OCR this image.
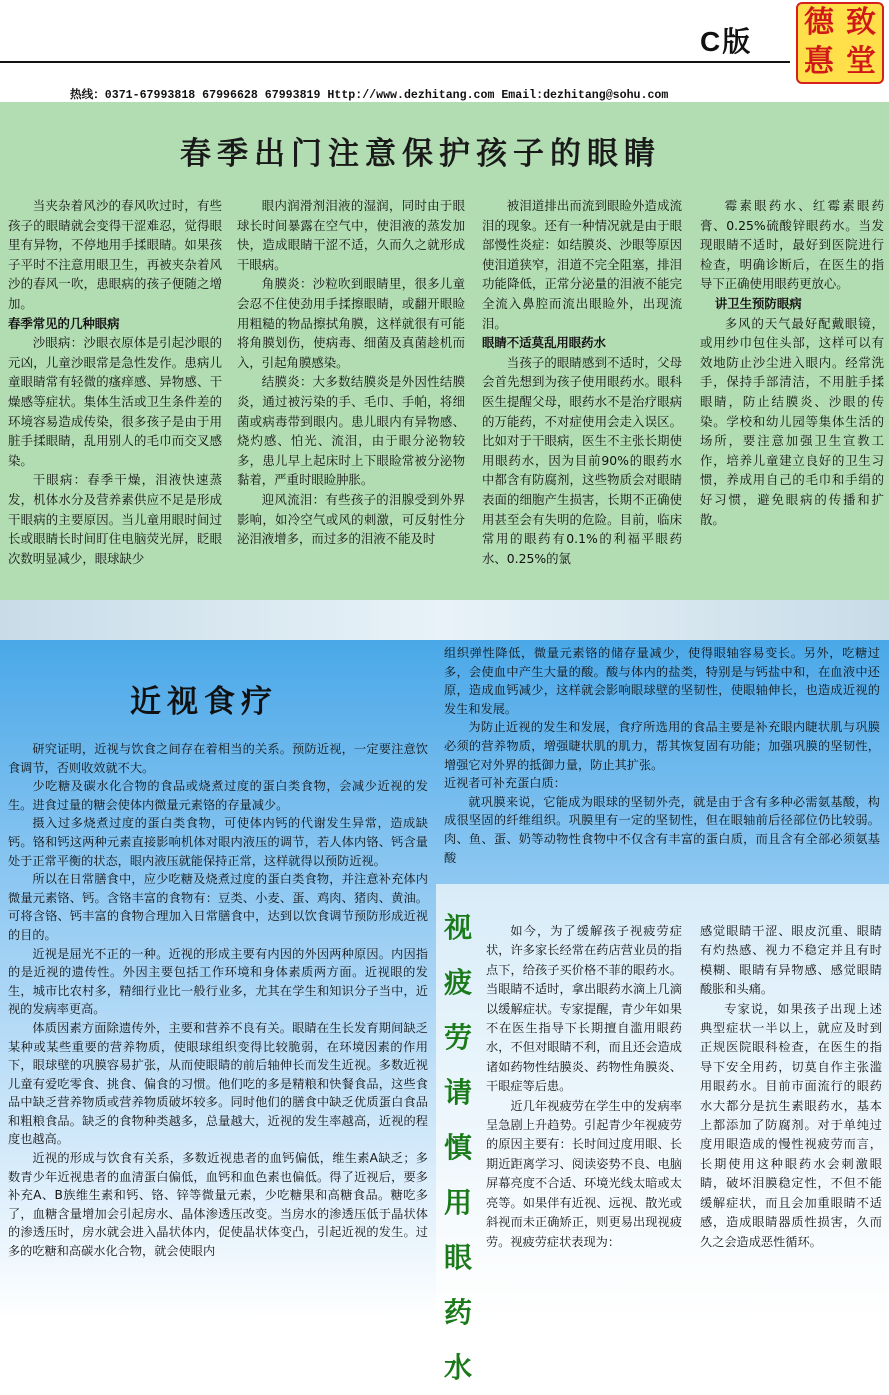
C版
德 致
惪 堂
热线：0371-67993818 67996628 67993819 Http://www.dezhitang.com Email:dezhitang@sohu.com
春季出门注意保护孩子的眼睛

当夹杂着风沙的春风吹过时，有些孩子的眼睛就会变得干涩难忍，觉得眼里有异物，不停地用手揉眼睛。如果孩子平时不注意用眼卫生，再被夹杂着风沙的春风一吹，患眼病的孩子便随之增加。

春季常见的几种眼病

沙眼病：沙眼衣原体是引起沙眼的元凶，儿童沙眼常是急性发作。患病儿童眼睛常有轻微的瘙痒感、异物感、干燥感等症状。集体生活或卫生条件差的环境容易造成传染，很多孩子是由于用脏手揉眼睛，乱用别人的毛巾而交叉感染。

干眼病：春季干燥，泪液快速蒸发，机体水分及营养素供应不足是形成干眼病的主要原因。当儿童用眼时间过长或眼睛长时间盯住电脑荧光屏，眨眼次数明显减少，眼球缺少

眼内润滑剂泪液的湿润，同时由于眼球长时间暴露在空气中，使泪液的蒸发加快，造成眼睛干涩不适，久而久之就形成干眼病。

角膜炎：沙粒吹到眼睛里，很多儿童会忍不住使劲用手揉擦眼睛，或翻开眼睑用粗糙的物品擦拭角膜，这样就很有可能将角膜划伤，使病毒、细菌及真菌趁机而入，引起角膜感染。

结膜炎：大多数结膜炎是外因性结膜炎，通过被污染的手、毛巾、手帕，将细菌或病毒带到眼内。患儿眼内有异物感、烧灼感、怕光、流泪，由于眼分泌物较多，患儿早上起床时上下眼睑常被分泌物黏着，严重时眼睑肿胀。

迎风流泪：有些孩子的泪腺受到外界影响，如冷空气或风的刺激，可反射性分泌泪液增多，而过多的泪液不能及时

被泪道排出而流到眼睑外造成流泪的现象。还有一种情况就是由于眼部慢性炎症：如结膜炎、沙眼等原因使泪道狭窄，泪道不完全阻塞，排泪功能降低，正常分泌量的泪液不能完全流入鼻腔而流出眼睑外，出现流泪。

眼睛不适莫乱用眼药水

当孩子的眼睛感到不适时，父母会首先想到为孩子使用眼药水。眼科医生提醒父母，眼药水不是治疗眼病的万能药，不对症使用会走入误区。比如对于干眼病，医生不主张长期使用眼药水，因为目前90%的眼药水中都含有防腐剂，这些物质会对眼睛表面的细胞产生损害，长期不正确使用甚至会有失明的危险。目前，临床常用的眼药有0.1%的利福平眼药水、0.25%的氯

霉素眼药水、红霉素眼药膏、0.25%硫酸锌眼药水。当发现眼睛不适时，最好到医院进行检查，明确诊断后，在医生的指导下正确使用眼药更放心。

讲卫生预防眼病

多风的天气最好配戴眼镜，或用纱巾包住头部，这样可以有效地防止沙尘进入眼内。经常洗手，保持手部清洁，不用脏手揉眼睛，防止结膜炎、沙眼的传染。学校和幼儿园等集体生活的场所，要注意加强卫生宣教工作，培养儿童建立良好的卫生习惯，养成用自己的毛巾和手绢的好习惯，避免眼病的传播和扩散。

近视食疗

研究证明，近视与饮食之间存在着相当的关系。预防近视，一定要注意饮食调节，否则收效就不大。

少吃糖及碳水化合物的食品或烧煮过度的蛋白类食物，会减少近视的发生。进食过量的糖会使体内微量元素铬的存量减少。

摄入过多烧煮过度的蛋白类食物，可使体内钙的代谢发生异常，造成缺钙。铬和钙这两种元素直接影响机体对眼内液压的调节，若人体内铬、钙含量处于正常平衡的状态，眼内液压就能保持正常，这样就得以预防近视。

所以在日常膳食中，应少吃糖及烧煮过度的蛋白类食物，并注意补充体内微量元素铬、钙。含铬丰富的食物有：豆类、小麦、蛋、鸡肉、猪肉、黄油。可将含铬、钙丰富的食物合理加入日常膳食中，达到以饮食调节预防形成近视的目的。

近视是屈光不正的一种。近视的形成主要有内因的外因两种原因。内因指的是近视的遗传性。外因主要包括工作环境和身体素质两方面。近视眼的发生，城市比农村多，精细行业比一般行业多，尤其在学生和知识分子当中，近视的发病率更高。

体质因素方面除遗传外，主要和营养不良有关。眼睛在生长发育期间缺乏某种或某些重要的营养物质，使眼球组织变得比较脆弱，在环境因素的作用下，眼球壁的巩膜容易扩张，从而使眼睛的前后轴伸长而发生近视。多数近视儿童有爱吃零食、挑食、偏食的习惯。他们吃的多是精粮和快餐食品，这些食品中缺乏营养物质或营养物质破坏较多。同时他们的膳食中缺乏优质蛋白食品和粗粮食品。缺乏的食物种类越多，总量越大，近视的发生率越高，近视的程度也越高。

近视的形成与饮食有关系，多数近视患者的血钙偏低，维生素A缺乏；多数青少年近视患者的血清蛋白偏低，血钙和血色素也偏低。得了近视后，要多补充A、B族维生素和钙、铬、锌等微量元素，少吃糖果和高糖食品。糖吃多了，血糖含量增加会引起房水、晶体渗透压改变。当房水的渗透压低于晶状体的渗透压时，房水就会进入晶状体内，促使晶状体变凸，引起近视的发生。过多的吃糖和高碳水化合物，就会使眼内

组织弹性降低，微量元素铬的储存量减少，使得眼轴容易变长。另外，吃糖过多，会使血中产生大量的酸。酸与体内的盐类，特别是与钙盐中和，在血液中还原，造成血钙减少，这样就会影响眼球壁的坚韧性，使眼轴伸长，也造成近视的发生和发展。

为防止近视的发生和发展，食疗所选用的食品主要是补充眼内睫状肌与巩膜必须的营养物质，增强睫状肌的肌力，帮其恢复固有功能；加强巩膜的坚韧性，增强它对外界的抵御力量，防止其扩张。

近视者可补充蛋白质：

就巩膜来说，它能成为眼球的坚韧外壳，就是由于含有多种必需氨基酸，构成很坚固的纤维组织。巩膜里有一定的坚韧性，但在眼轴前后径部位仍比较弱。肉、鱼、蛋、奶等动物性食物中不仅含有丰富的蛋白质，而且含有全部必须氨基酸

视
疲
劳
请
慎
用
眼
药
水

如今，为了缓解孩子视疲劳症状，许多家长经常在药店营业员的指点下，给孩子买价格不菲的眼药水。当眼睛不适时，拿出眼药水滴上几滴以缓解症状。专家提醒，青少年如果不在医生指导下长期擅自滥用眼药水，不但对眼睛不利，而且还会造成诸如药物性结膜炎、药物性角膜炎、干眼症等后患。

近几年视疲劳在学生中的发病率呈急剧上升趋势。引起青少年视疲劳的原因主要有：长时间过度用眼、长期近距离学习、阅读姿势不良、电脑屏幕亮度不合适、环境光线太暗或太亮等。如果伴有近视、远视、散光或斜视而未正确矫正，则更易出现视疲劳。视疲劳症状表现为：

感觉眼睛干涩、眼皮沉重、眼睛有灼热感、视力不稳定并且有时模糊、眼睛有异物感、感觉眼睛酸胀和头痛。

专家说，如果孩子出现上述典型症状一半以上，就应及时到正规医院眼科检查，在医生的指导下安全用药，切莫自作主张滥用眼药水。目前市面流行的眼药水大都分是抗生素眼药水，基本上都添加了防腐剂。对于单纯过度用眼造成的慢性视疲劳而言，长期使用这种眼药水会刺激眼睛，破坏泪膜稳定性，不但不能缓解症状，而且会加重眼睛不适感，造成眼睛器质性损害，久而久之会造成恶性循环。
